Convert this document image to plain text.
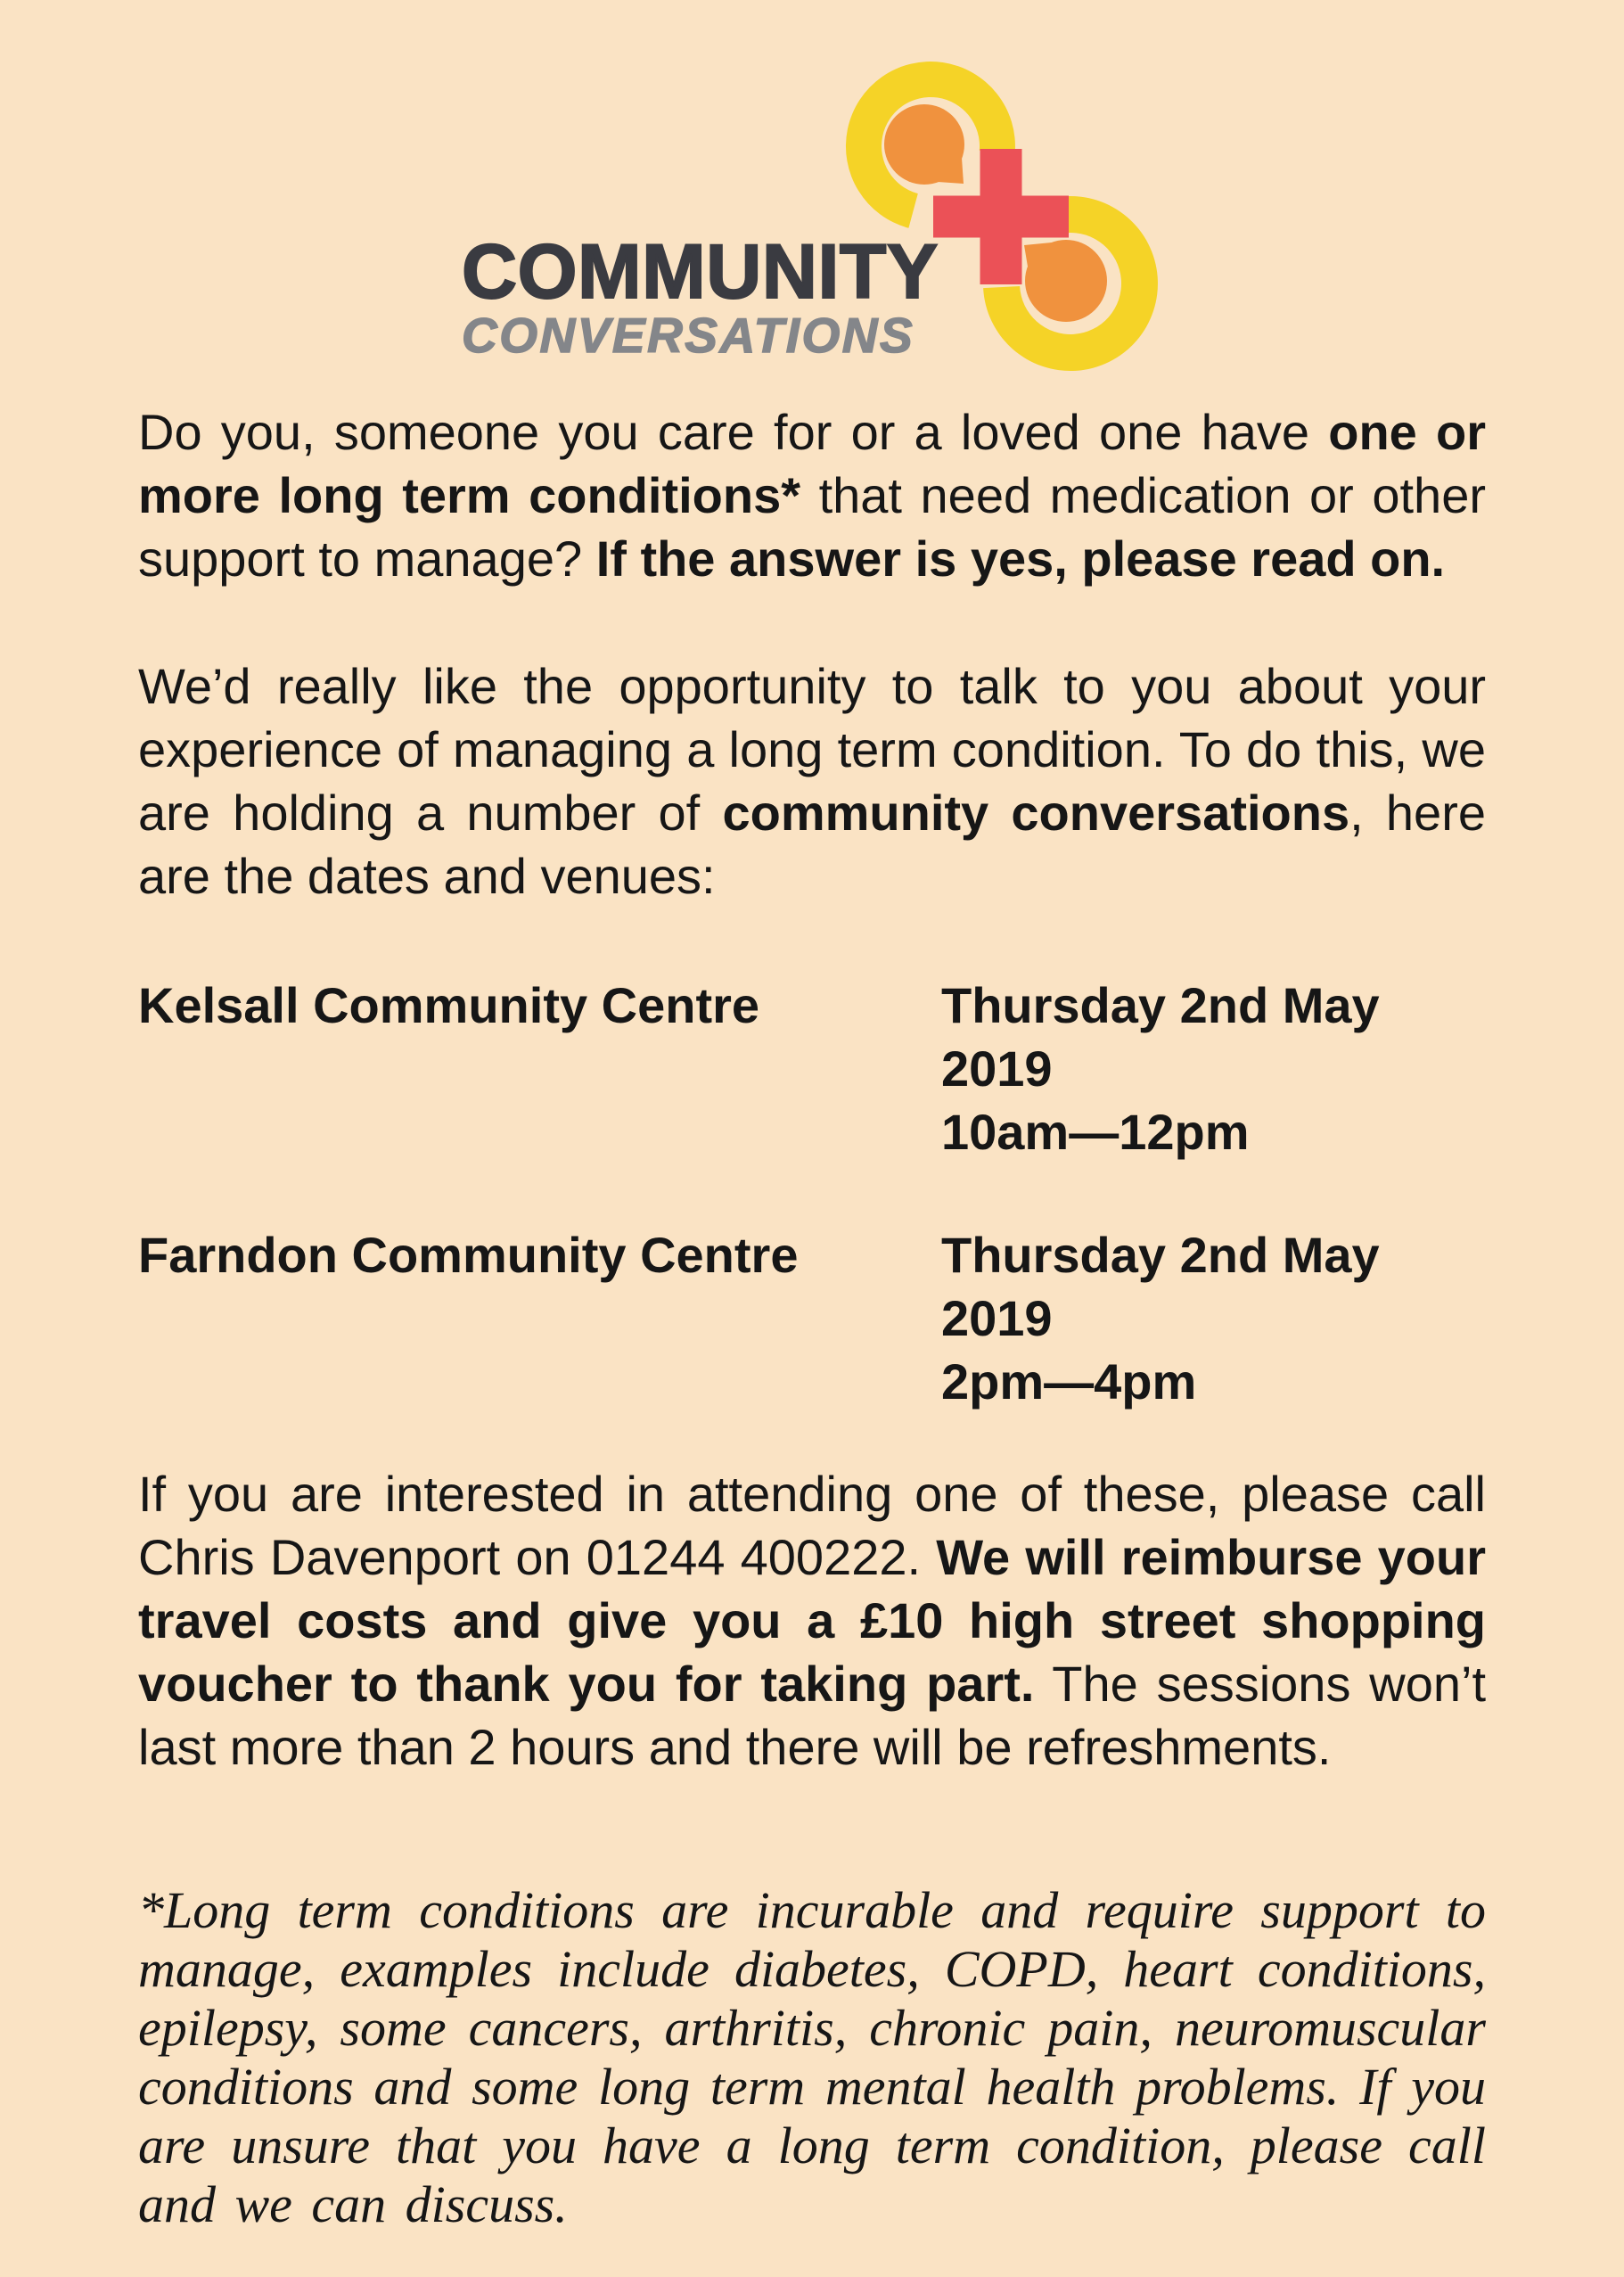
COMMUNITY
CONVERSATIONS

Do you, someone you care for or a loved one have one or more long term conditions* that need medication or other support to manage? If the answer is yes, please read on.

We’d really like the opportunity to talk to you about your experience of managing a long term condition. To do this, we are holding a number of community conversations, here are the dates and venues:

Kelsall Community Centre	Thursday 2nd May 2019
10am—12pm
Farndon Community Centre	Thursday 2nd May 2019
2pm—4pm

If you are interested in attending one of these, please call Chris Davenport on 01244 400222. We will reimburse your travel costs and give you a £10 high street shopping voucher to thank you for taking part. The sessions won’t last more than 2 hours and there will be refreshments.

*Long term conditions are incurable and require support to manage, examples include diabetes, COPD, heart conditions, epilepsy, some cancers, arthritis, chronic pain, neuromuscular conditions and some long term mental health problems. If you are unsure that you have a long term condition, please call and we can discuss.
